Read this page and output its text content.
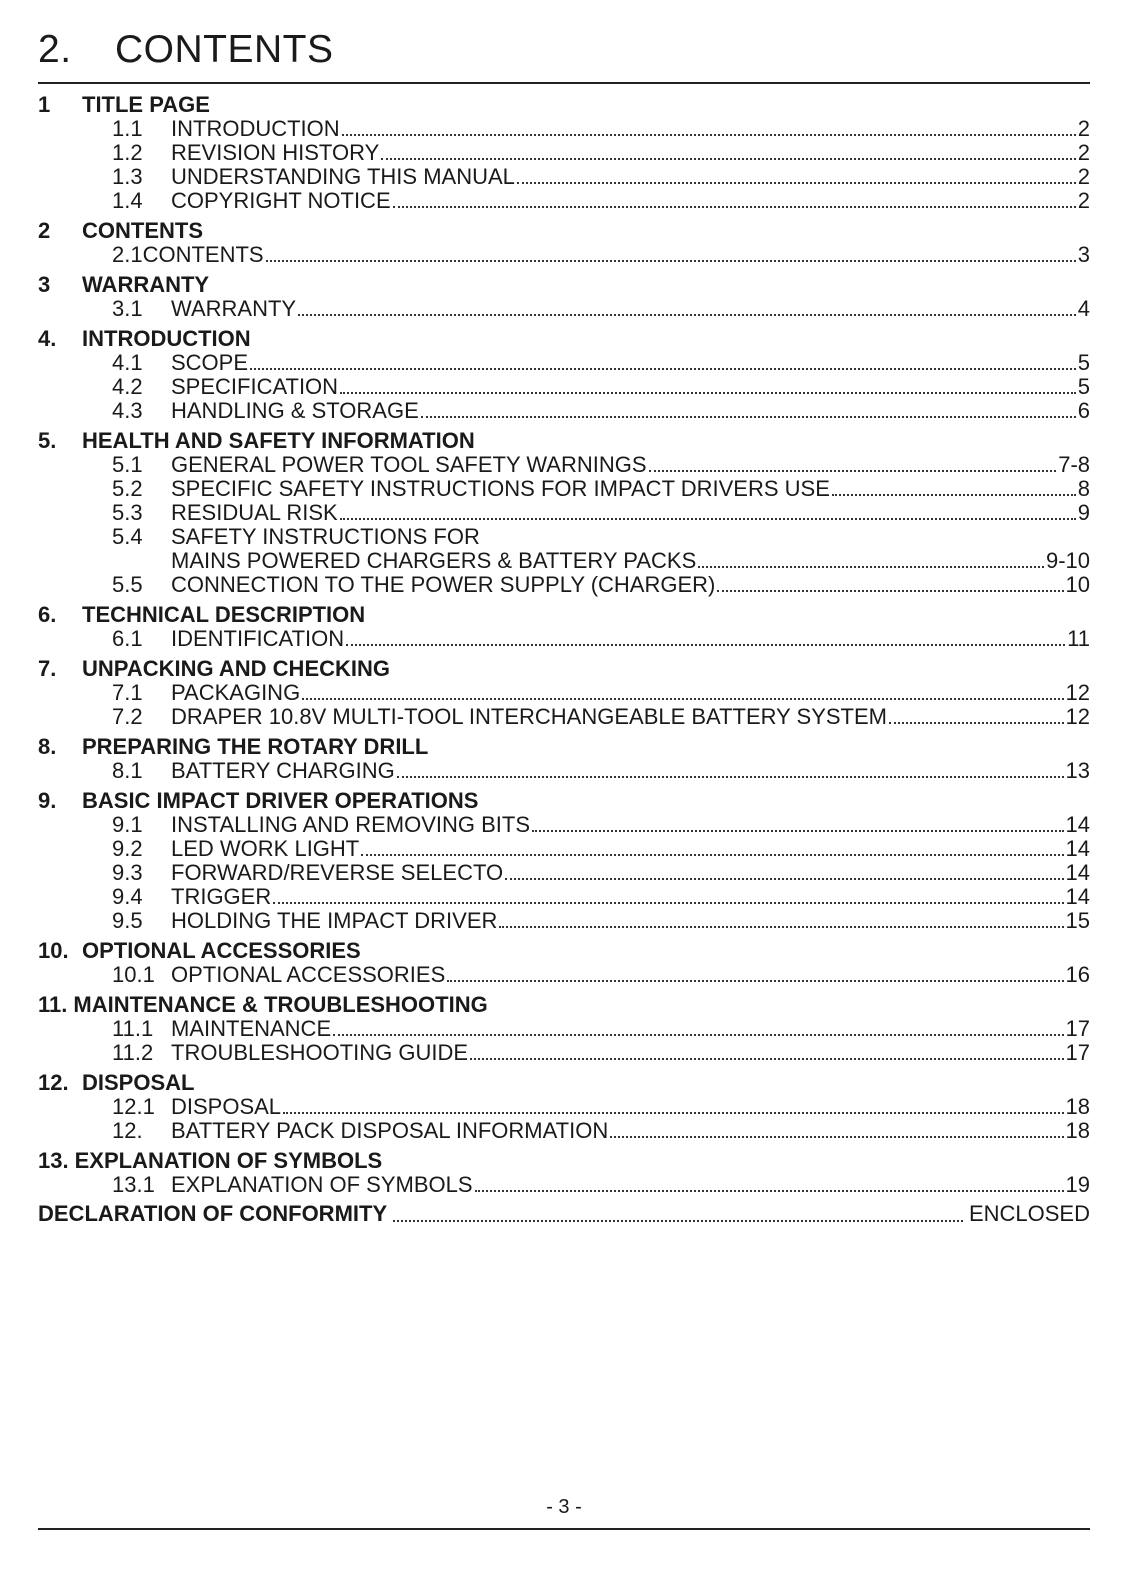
2. CONTENTS
1	TITLE PAGE
1.1	INTRODUCTION	2
1.2	REVISION HISTORY	2
1.3	UNDERSTANDING THIS MANUAL	2
1.4	COPYRIGHT NOTICE	2
2	CONTENTS
2.1 CONTENTS	3
3	WARRANTY
3.1	WARRANTY	4
4.	INTRODUCTION
4.1	SCOPE	5
4.2	SPECIFICATION	5
4.3	HANDLING & STORAGE	6
5.	HEALTH AND SAFETY INFORMATION
5.1	GENERAL POWER TOOL SAFETY WARNINGS	7-8
5.2	SPECIFIC SAFETY INSTRUCTIONS FOR IMPACT DRIVERS USE	8
5.3	RESIDUAL RISK	9
5.4	SAFETY INSTRUCTIONS FOR
MAINS POWERED CHARGERS & BATTERY PACKS	9-10
5.5	CONNECTION TO THE POWER SUPPLY (CHARGER)	10
6.	TECHNICAL DESCRIPTION
6.1	IDENTIFICATION	11
7.	UNPACKING AND CHECKING
7.1	PACKAGING	12
7.2	DRAPER 10.8V MULTI-TOOL INTERCHANGEABLE BATTERY SYSTEM	12
8.	PREPARING THE ROTARY DRILL
8.1	BATTERY CHARGING	13
9.	BASIC IMPACT DRIVER OPERATIONS
9.1	INSTALLING AND REMOVING BITS	14
9.2	LED WORK LIGHT	14
9.3	FORWARD/REVERSE SELECTO	14
9.4	TRIGGER	14
9.5	HOLDING THE IMPACT DRIVER	15
10. OPTIONAL ACCESSORIES
10.1 OPTIONAL ACCESSORIES	16
11. MAINTENANCE & TROUBLESHOOTING
11.1 MAINTENANCE	17
11.2 TROUBLESHOOTING GUIDE	17
12. DISPOSAL
12.1 DISPOSAL	18
12.	BATTERY PACK DISPOSAL INFORMATION	18
13. EXPLANATION OF SYMBOLS
13.1 EXPLANATION OF SYMBOLS	19
DECLARATION OF CONFORMITY	ENCLOSED
- 3 -
